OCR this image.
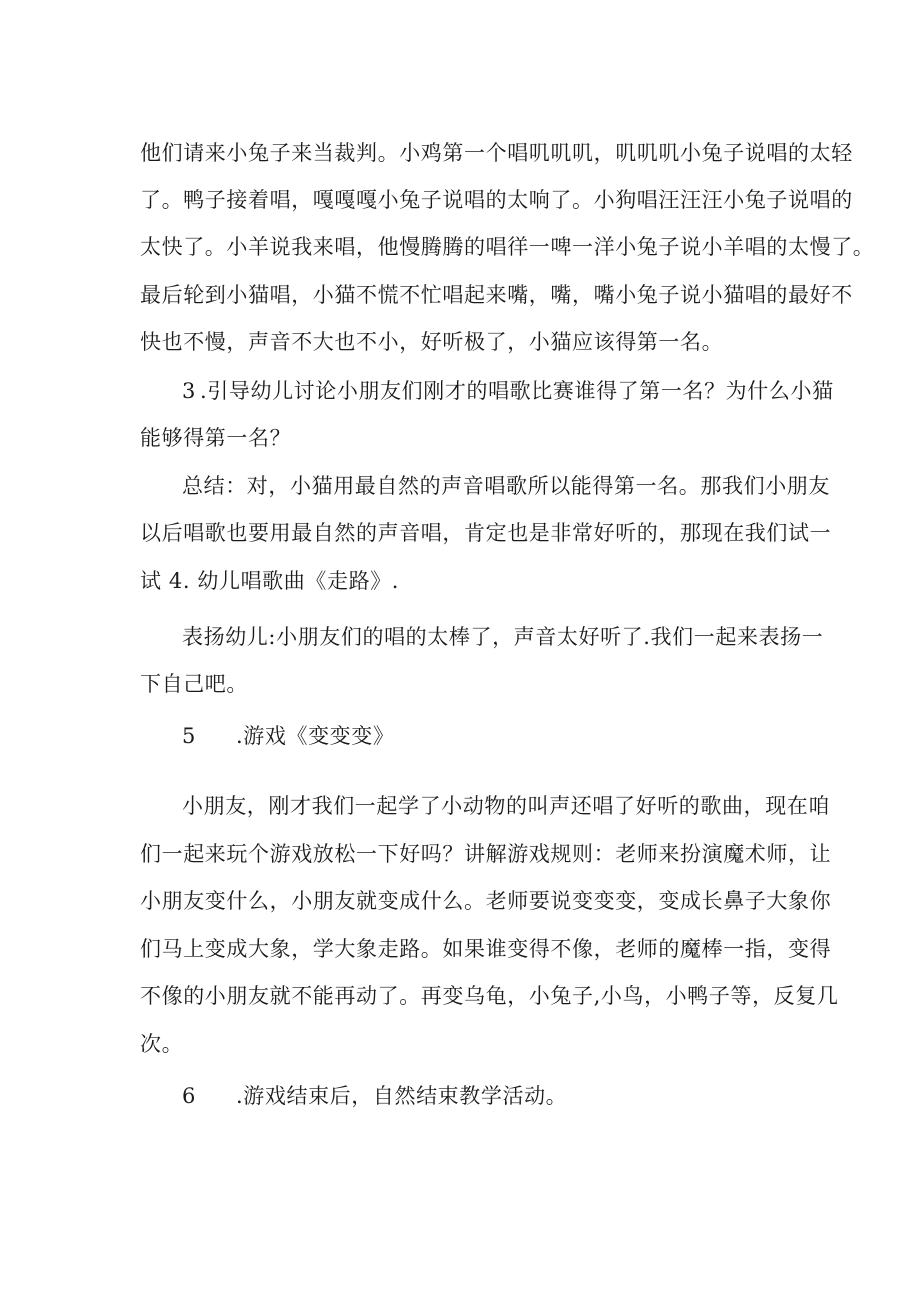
他们请来小兔子来当裁判。小鸡第一个唱叽叽叽，叽叽叽小兔子说唱的太轻
了。鸭子接着唱，嘎嘎嘎小兔子说唱的太响了。小狗唱汪汪汪小兔子说唱的
太快了。小羊说我来唱，他慢腾腾的唱徉一啤一洋小兔子说小羊唱的太慢了。
最后轮到小猫唱，小猫不慌不忙唱起来嘴，嘴，嘴小兔子说小猫唱的最好不
快也不慢，声音不大也不小，好听极了，小猫应该得第一名。
3 .引导幼儿讨论小朋友们刚才的唱歌比赛谁得了第一名？为什么小猫
能够得第一名？
总结：对，小猫用最自然的声音唱歌所以能得第一名。那我们小朋友
以后唱歌也要用最自然的声音唱，肯定也是非常好听的，那现在我们试一
试 4. 幼儿唱歌曲《走路》.
表扬幼儿:小朋友们的唱的太棒了，声音太好听了.我们一起来表扬一
下自己吧。
5 .游戏《变变变》
小朋友，刚才我们一起学了小动物的叫声还唱了好听的歌曲，现在咱
们一起来玩个游戏放松一下好吗？讲解游戏规则：老师来扮演魔术师，让
小朋友变什么，小朋友就变成什么。老师要说变变变，变成长鼻子大象你
们马上变成大象，学大象走路。如果谁变得不像，老师的魔棒一指，变得
不像的小朋友就不能再动了。再变乌龟，小兔子,小鸟，小鸭子等，反复几
次。
6 .游戏结束后，自然结束教学活动。
